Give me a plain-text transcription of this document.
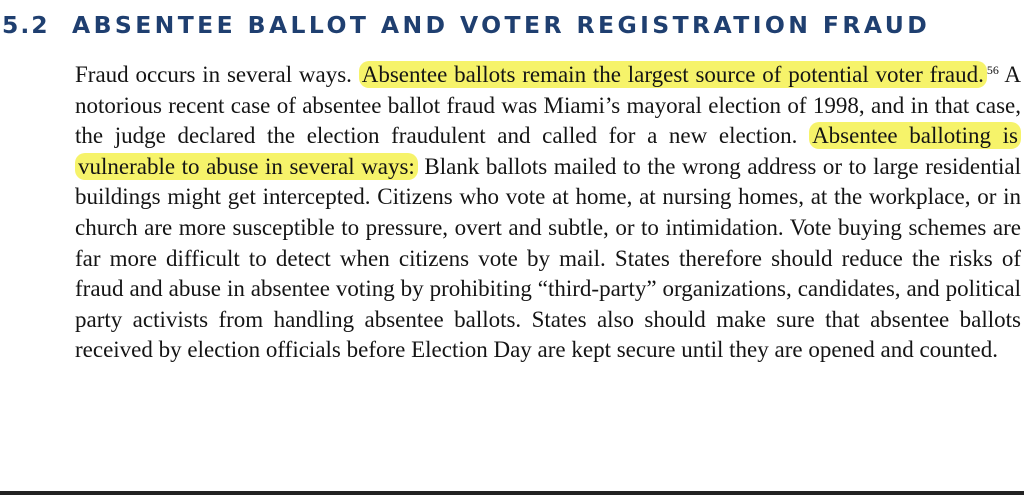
5.2 ABSENTEE BALLOT AND VOTER REGISTRATION FRAUD

Fraud occurs in several ways. Absentee ballots remain the largest source of potential voter fraud. $^{56}$ A notorious recent case of absentee ballot fraud was Miami’s mayoral election of 1998, and in that case, the judge declared the election fraudulent and called for a new election. Absentee balloting is vulnerable to abuse in several ways: Blank ballots mailed to the wrong address or to large residential buildings might get intercepted. Citizens who vote at home, at nursing homes, at the workplace, or in church are more susceptible to pressure, overt and subtle, or to intimidation. Vote buying schemes are far more difficult to detect when citizens vote by mail. States therefore should reduce the risks of fraud and abuse in absentee voting by prohibiting “third-party” organizations, candidates, and political party activists from handling absentee ballots. States also should make sure that absentee ballots received by election officials before Election Day are kept secure until they are opened and counted.
